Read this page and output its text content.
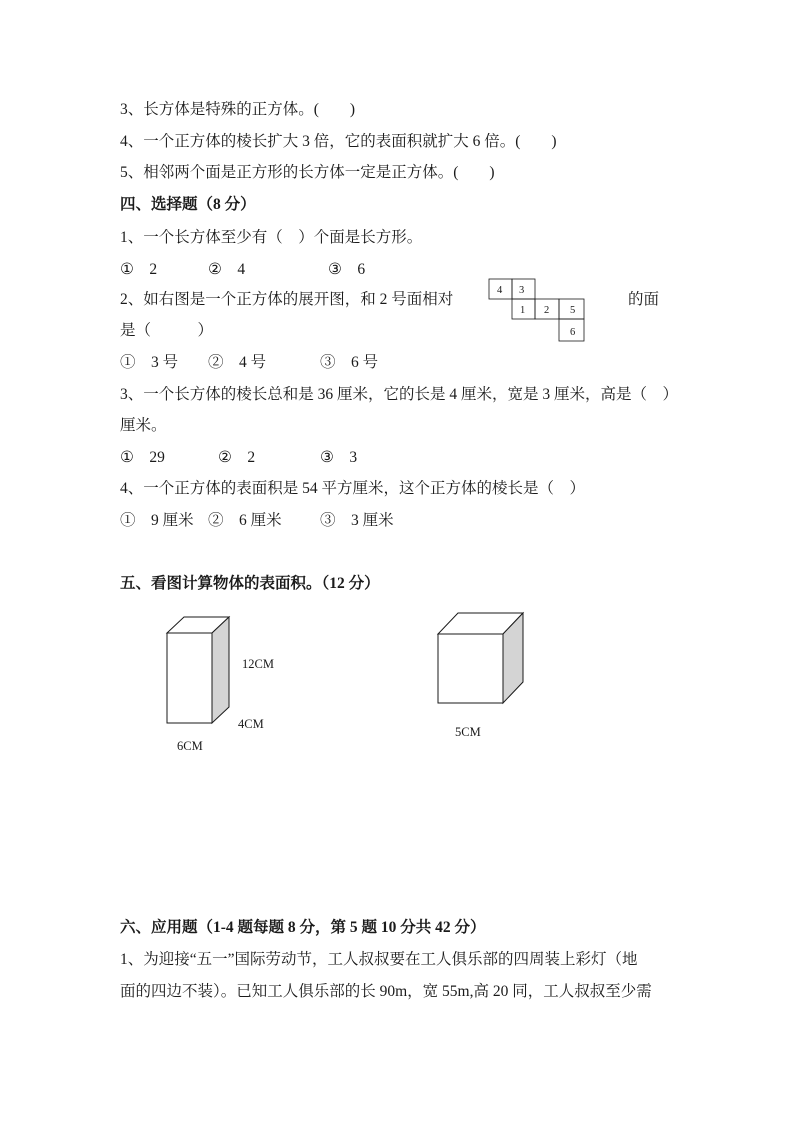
3、长方体是特殊的正方体。(　　)
4、一个正方体的棱长扩大 3 倍，它的表面积就扩大 6 倍。(　　)
5、相邻两个面是正方形的长方体一定是正方体。(　　)
四、选择题（8 分）
1、一个长方体至少有（　）个面是长方形。
①　2	②　4	③　6
2、如右图是一个正方体的展开图，和 2 号面相对	的面
是（　　　）
4 3
1 2 5
6
12CM
4CM
6CM
5CM
①　3 号 ②　4 号	③　6 号
3、一个长方体的棱长总和是 36 厘米，它的长是 4 厘米，宽是 3 厘米，高是（　）
厘米。
①　29	②　2	③　3
4、一个正方体的表面积是 54 平方厘米，这个正方体的棱长是（　）
①　9 厘米 ②　6 厘米 ③　3 厘米
五、看图计算物体的表面积。（12 分）
六、应用题（1-4 题每题 8 分，第 5 题 10 分共 42 分）
1、为迎接“五一”国际劳动节，工人叔叔要在工人俱乐部的四周装上彩灯（地
面的四边不装）。已知工人俱乐部的长 90m，宽 55m,高 20 同，工人叔叔至少需
